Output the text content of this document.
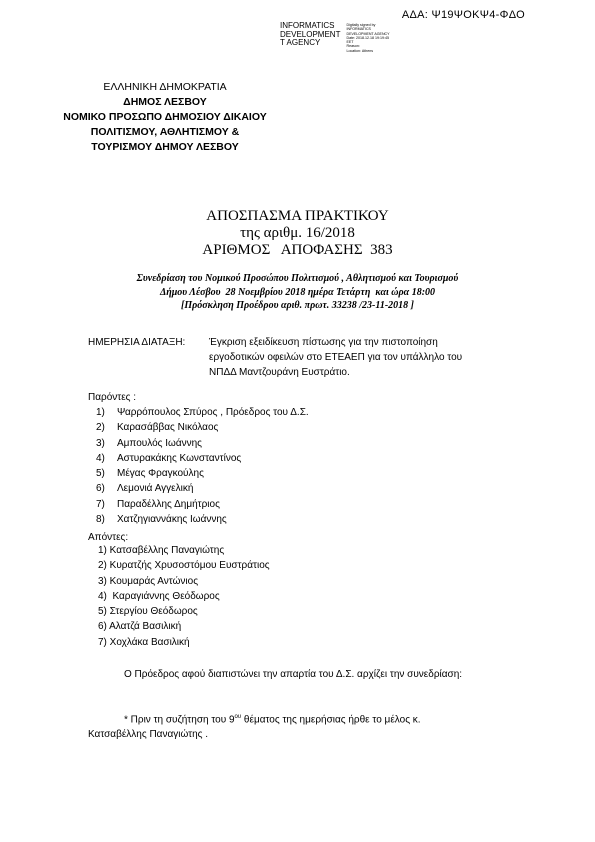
ΑΔΑ: Ψ19ΨΟΚΨ4-ΦΔΟ
INFORMATICS
DEVELOPMENT
T AGENCY
Digitally signed by
INFORMATICS
DEVELOPMENT AGENCY
Date: 2018.12.18 19:19:45
EET
Reason:
Location: Athens
ΕΛΛΗΝΙΚΗ ΔΗΜΟΚΡΑΤΙΑ
ΔΗΜΟΣ ΛΕΣΒΟΥ
ΝΟΜΙΚΟ ΠΡΟΣΩΠΟ ΔΗΜΟΣΙΟΥ ΔΙΚΑΙΟΥ
ΠΟΛΙΤΙΣΜΟΥ, ΑΘΛΗΤΙΣΜΟΥ &
ΤΟΥΡΙΣΜΟΥ ΔΗΜΟΥ ΛΕΣΒΟΥ
ΑΠΟΣΠΑΣΜΑ ΠΡΑΚΤΙΚΟΥ
της αριθμ. 16/2018
ΑΡΙΘΜΟΣ   ΑΠΟΦΑΣΗΣ  383
Συνεδρίαση του Νομικού Προσώπου Πολιτισμού , Αθλητισμού και Τουρισμού
Δήμου Λέσβου  28 Νοεμβρίου 2018 ημέρα Τετάρτη  και ώρα 18:00
[Πρόσκληση Προέδρου αριθ. πρωτ. 33238 /23-11-2018 ]
ΗΜΕΡΗΣΙΑ ΔΙΑΤΑΞΗ: Έγκριση εξειδίκευση πίστωσης για την πιστοποίηση
εργοδοτικών οφειλών στο ΕΤΕΑΕΠ για τον υπάλληλο του
ΝΠΔΔ Μαντζουράνη Ευστράτιο.
Παρόντες :
1) Ψαρρόπουλος Σπύρος , Πρόεδρος του Δ.Σ.
2) Καρασάββας Νικόλαος
3) Αμπουλός Ιωάννης
4) Αστυρακάκης Κωνσταντίνος
5) Μέγας Φραγκούλης
6) Λεμονιά Αγγελική
7) Παραδέλλης Δημήτριος
8) Χατζηγιαννάκης Ιωάννης
Απόντες:
1) Κατσαβέλλης Παναγιώτης
2) Κυρατζής Χρυσοστόμου Ευστράτιος
3) Κουμαράς Αντώνιος
4)  Καραγιάννης Θεόδωρος
5) Στεργίου Θεόδωρος
6) Αλατζά Βασιλική
7) Χοχλάκα Βασιλική
Ο Πρόεδρος αφού διαπιστώνει την απαρτία του Δ.Σ. αρχίζει την συνεδρίαση:
* Πριν τη συζήτηση του $9^{o\upsilon}$ θέματος της ημερήσιας ήρθε το μέλος κ.
Κατσαβέλλης Παναγιώτης .
